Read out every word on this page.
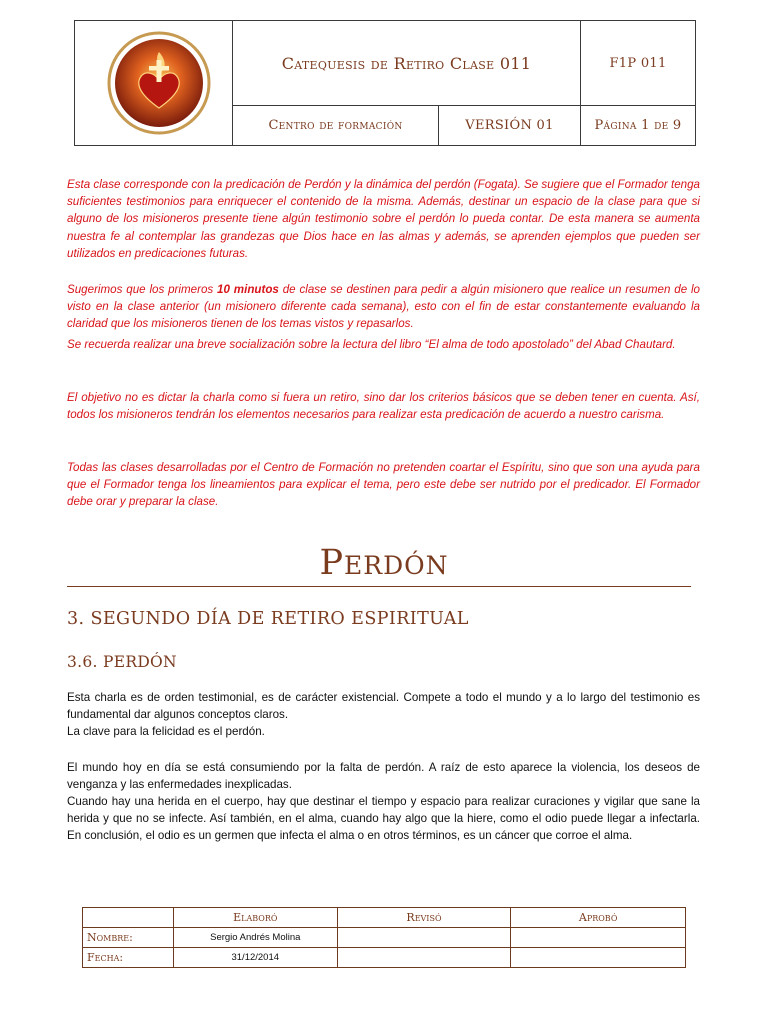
Catequesis de Retiro Clase 011	F1P 011
Centro de formación	VERSIÓN 01	Página 1 de 9

Esta clase corresponde con la predicación de Perdón y la dinámica del perdón (Fogata). Se sugiere que el Formador tenga suficientes testimonios para enriquecer el contenido de la misma. Además, destinar un espacio de la clase para que si alguno de los misioneros presente tiene algún testimonio sobre el perdón lo pueda contar. De esta manera se aumenta nuestra fe al contemplar las grandezas que Dios hace en las almas y además, se aprenden ejemplos que pueden ser utilizados en predicaciones futuras.

Sugerimos que los primeros 10 minutos de clase se destinen para pedir a algún misionero que realice un resumen de lo visto en la clase anterior (un misionero diferente cada semana), esto con el fin de estar constantemente evaluando la claridad que los misioneros tienen de los temas vistos y repasarlos.

Se recuerda realizar una breve socialización sobre la lectura del libro “El alma de todo apostolado” del Abad Chautard.

El objetivo no es dictar la charla como si fuera un retiro, sino dar los criterios básicos que se deben tener en cuenta. Así, todos los misioneros tendrán los elementos necesarios para realizar esta predicación de acuerdo a nuestro carisma.

Todas las clases desarrolladas por el Centro de Formación no pretenden coartar el Espíritu, sino que son una ayuda para que el Formador tenga los lineamientos para explicar el tema, pero este debe ser nutrido por el predicador. El Formador debe orar y preparar la clase.

Perdón
3. SEGUNDO DÍA DE RETIRO ESPIRITUAL
3.6. PERDÓN

Esta charla es de orden testimonial, es de carácter existencial. Compete a todo el mundo y a lo largo del testimonio es fundamental dar algunos conceptos claros.

La clave para la felicidad es el perdón.

El mundo hoy en día se está consumiendo por la falta de perdón. A raíz de esto aparece la violencia, los deseos de venganza y las enfermedades inexplicadas.

Cuando hay una herida en el cuerpo, hay que destinar el tiempo y espacio para realizar curaciones y vigilar que sane la herida y que no se infecte. Así también, en el alma, cuando hay algo que la hiere, como el odio puede llegar a infectarla. En conclusión, el odio es un germen que infecta el alma o en otros términos, es un cáncer que corroe el alma.

	Elaboró	Revisó	Aprobó
Nombre:	Sergio Andrés Molina		
Fecha:	31/12/2014		
